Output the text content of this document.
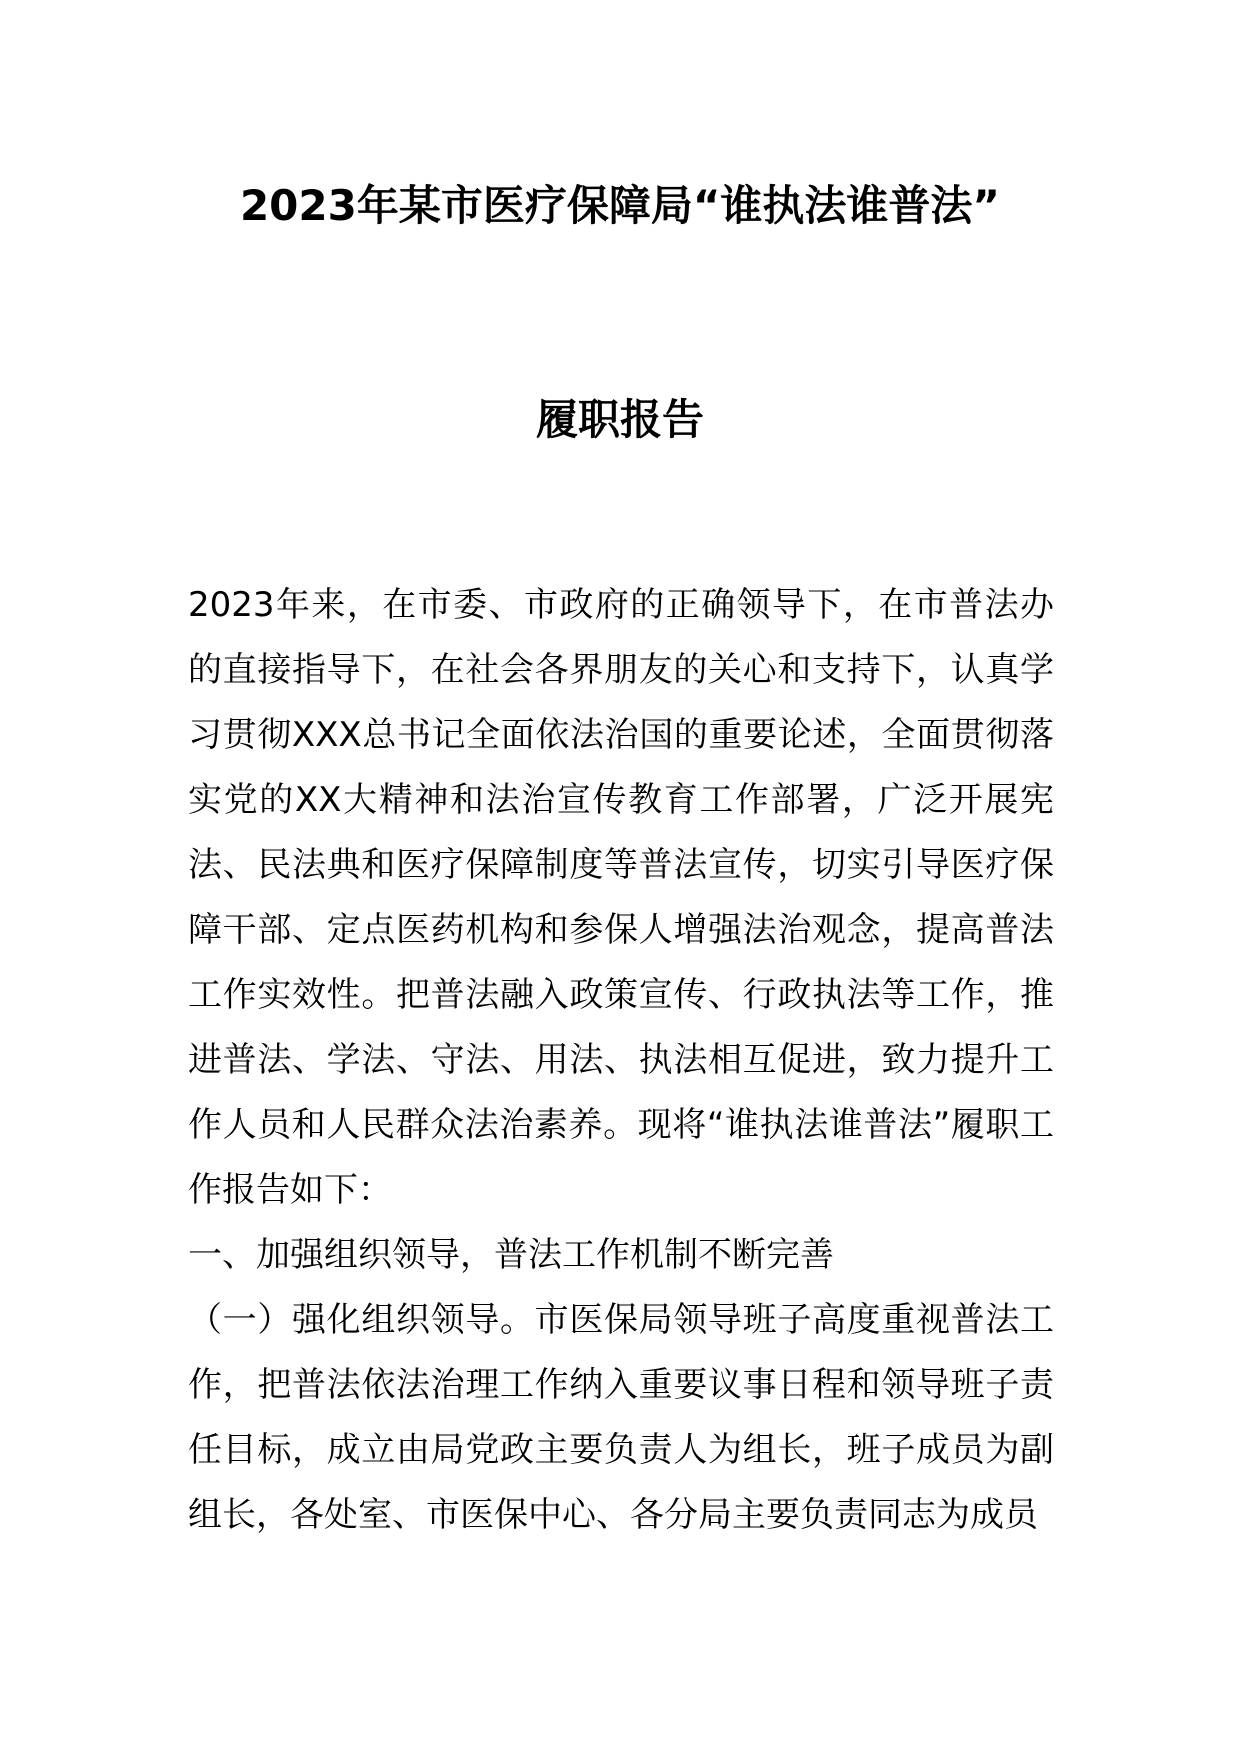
2023年某市医疗保障局“谁执法谁普法”
履职报告

2023年来，在市委、市政府的正确领导下，在市普法办的直接指导下，在社会各界朋友的关心和支持下，认真学习贯彻XXX总书记全面依法治国的重要论述，全面贯彻落实党的XX大精神和法治宣传教育工作部署，广泛开展宪法、民法典和医疗保障制度等普法宣传，切实引导医疗保障干部、定点医药机构和参保人增强法治观念，提高普法工作实效性。把普法融入政策宣传、行政执法等工作，推进普法、学法、守法、用法、执法相互促进，致力提升工作人员和人民群众法治素养。现将“谁执法谁普法”履职工作报告如下：

一、加强组织领导，普法工作机制不断完善

（一）强化组织领导。市医保局领导班子高度重视普法工作，把普法依法治理工作纳入重要议事日程和领导班子责任目标，成立由局党政主要负责人为组长，班子成员为副组长，各处室、市医保中心、各分局主要负责同志为成员
